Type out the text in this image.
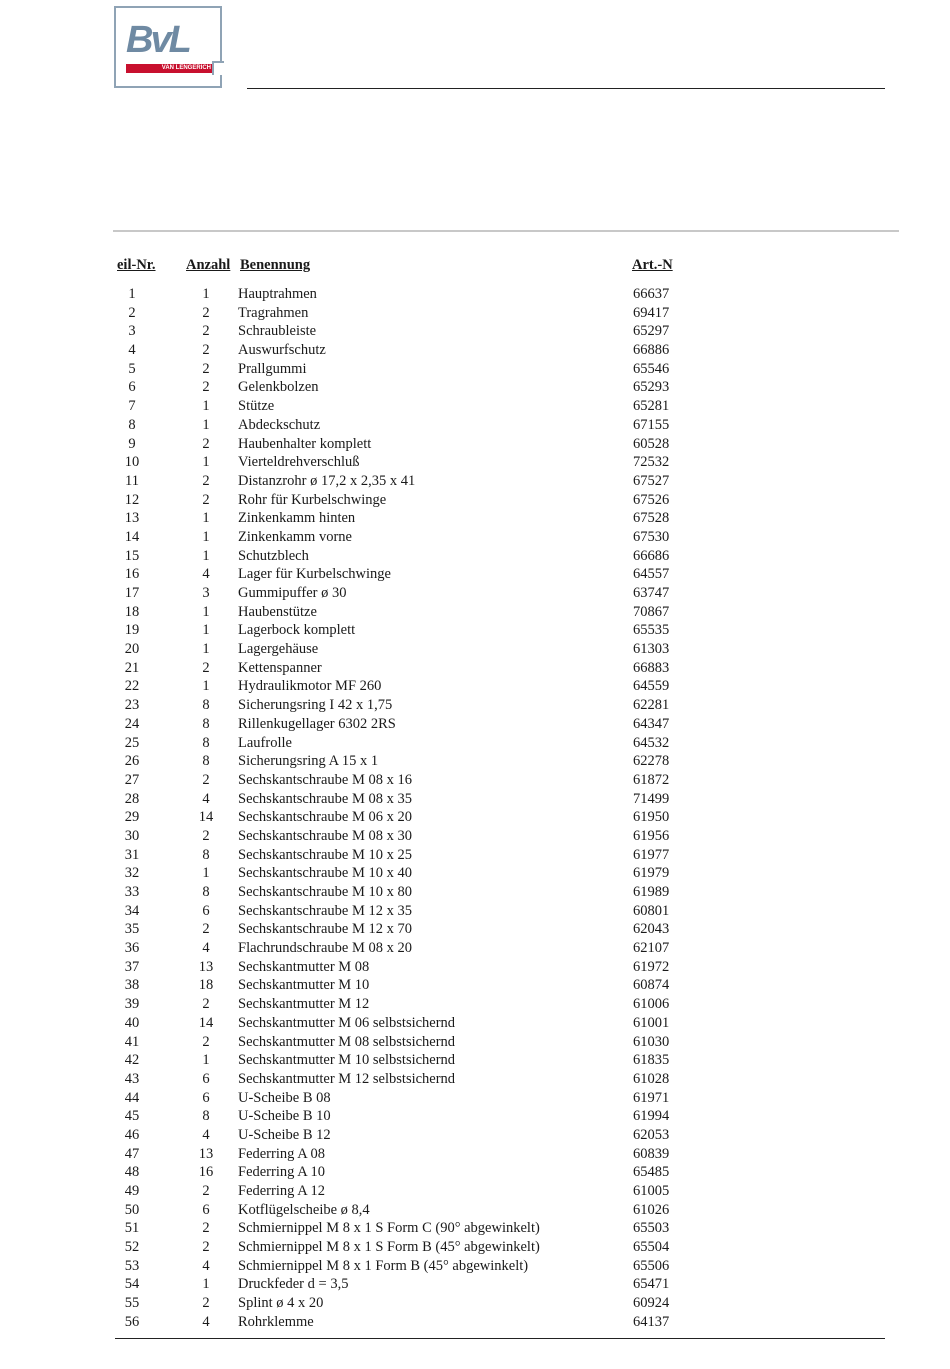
BvL
VAN LENGERICH
eil-Nr. Anzahl Benennung	Art.-N
1	1	Hauptrahmen	66637
2	2	Tragrahmen	69417
3	2	Schraubleiste	65297
4	2	Auswurfschutz	66886
5	2	Prallgummi	65546
6	2	Gelenkbolzen	65293
7	1	Stütze	65281
8	1	Abdeckschutz	67155
9	2	Haubenhalter komplett	60528
10	1	Vierteldrehverschluß	72532
11	2	Distanzrohr ø 17,2 x 2,35 x 41	67527
12	2	Rohr für Kurbelschwinge	67526
13	1	Zinkenkamm hinten	67528
14	1	Zinkenkamm vorne	67530
15	1	Schutzblech	66686
16	4	Lager für Kurbelschwinge	64557
17	3	Gummipuffer ø 30	63747
18	1	Haubenstütze	70867
19	1	Lagerbock komplett	65535
20	1	Lagergehäuse	61303
21	2	Kettenspanner	66883
22	1	Hydraulikmotor MF 260	64559
23	8	Sicherungsring I 42 x 1,75	62281
24	8	Rillenkugellager 6302 2RS	64347
25	8	Laufrolle	64532
26	8	Sicherungsring A 15 x 1	62278
27	2	Sechskantschraube M 08 x 16	61872
28	4	Sechskantschraube M 08 x 35	71499
29	14	Sechskantschraube M 06 x 20	61950
30	2	Sechskantschraube M 08 x 30	61956
31	8	Sechskantschraube M 10 x 25	61977
32	1	Sechskantschraube M 10 x 40	61979
33	8	Sechskantschraube M 10 x 80	61989
34	6	Sechskantschraube M 12 x 35	60801
35	2	Sechskantschraube M 12 x 70	62043
36	4	Flachrundschraube M 08 x 20	62107
37	13	Sechskantmutter M 08	61972
38	18	Sechskantmutter M 10	60874
39	2	Sechskantmutter M 12	61006
40	14	Sechskantmutter M 06 selbstsichernd	61001
41	2	Sechskantmutter M 08 selbstsichernd	61030
42	1	Sechskantmutter M 10 selbstsichernd	61835
43	6	Sechskantmutter M 12 selbstsichernd	61028
44	6	U-Scheibe B 08	61971
45	8	U-Scheibe B 10	61994
46	4	U-Scheibe B 12	62053
47	13	Federring A 08	60839
48	16	Federring A 10	65485
49	2	Federring A 12	61005
50	6	Kotflügelscheibe ø 8,4	61026
51	2	Schmiernippel M 8 x 1 S Form C (90° abgewinkelt)	65503
52	2	Schmiernippel M 8 x 1 S Form B (45° abgewinkelt)	65504
53	4	Schmiernippel M 8 x 1 Form B (45° abgewinkelt)	65506
54	1	Druckfeder d = 3,5	65471
55	2	Splint ø 4 x 20	60924
56	4	Rohrklemme	64137
